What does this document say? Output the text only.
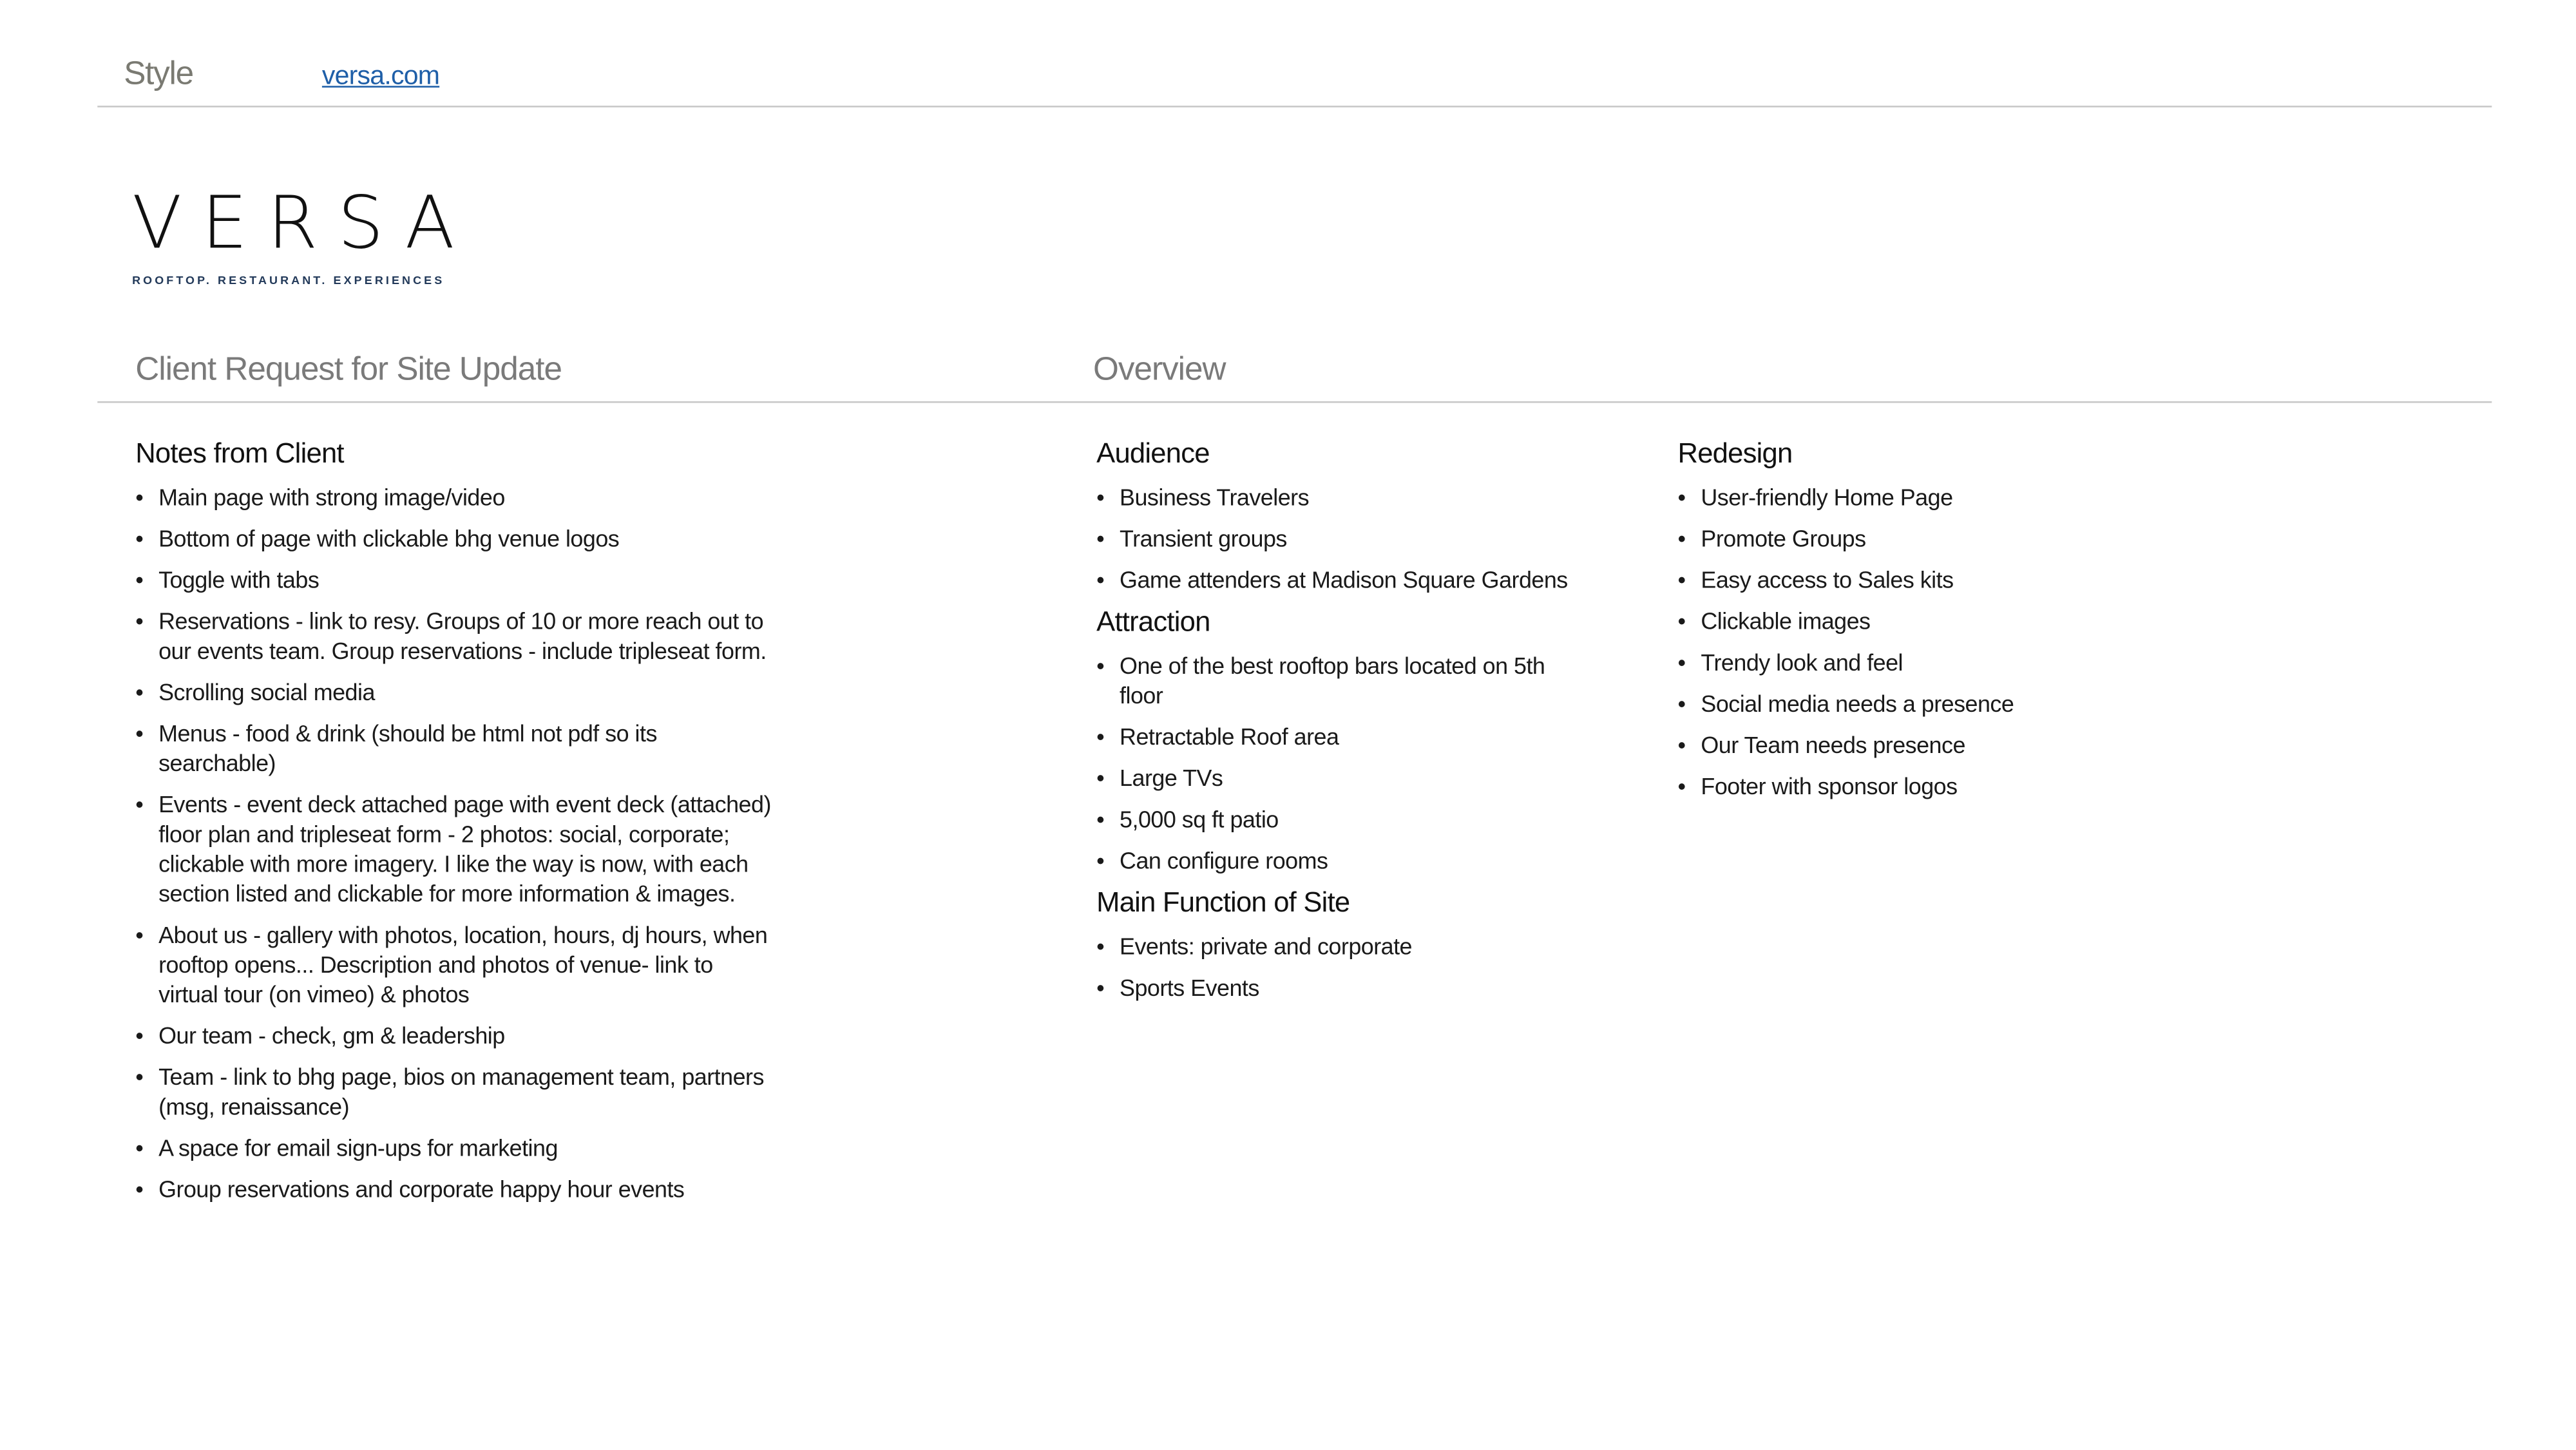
Style	versa.com
VERSA
ROOFTOP. RESTAURANT. EXPERIENCES
Client Request for Site Update	Overview
Notes from Client
• Main page with strong image/video
• Bottom of page with clickable bhg venue logos
• Toggle with tabs
• Reservations - link to resy. Groups of 10 or more reach out to our events team. Group reservations - include tripleseat form.
• Scrolling social media
• Menus - food & drink (should be html not pdf so its searchable)
• Events - event deck attached page with event deck (attached) floor plan and tripleseat form - 2 photos: social, corporate; clickable with more imagery. I like the way is now, with each section listed and clickable for more information & images.
• About us - gallery with photos, location, hours, dj hours, when rooftop opens... Description and photos of venue- link to virtual tour (on vimeo) & photos
• Our team - check, gm & leadership
• Team - link to bhg page, bios on management team, partners (msg, renaissance)
• A space for email sign-ups for marketing
• Group reservations and corporate happy hour events
Audience
• Business Travelers
• Transient groups
• Game attenders at Madison Square Gardens
Attraction
• One of the best rooftop bars located on 5th floor
• Retractable Roof area
• Large TVs
• 5,000 sq ft patio
• Can configure rooms
Main Function of Site
• Events: private and corporate
• Sports Events
Redesign
• User-friendly Home Page
• Promote Groups
• Easy access to Sales kits
• Clickable images
• Trendy look and feel
• Social media needs a presence
• Our Team needs presence
• Footer with sponsor logos
